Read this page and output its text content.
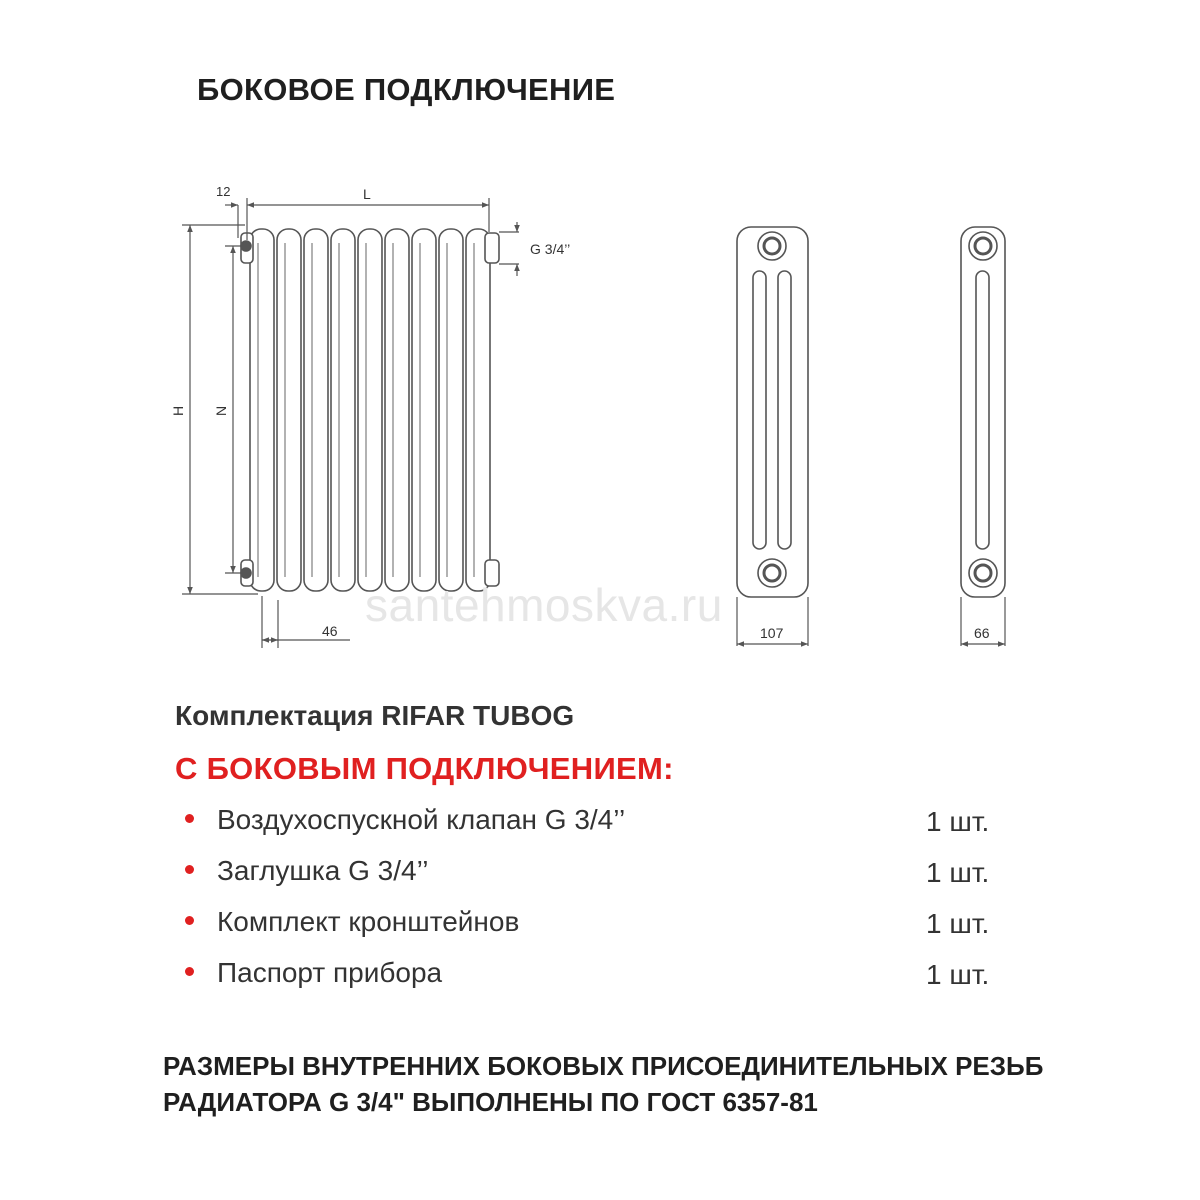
БОКОВОЕ ПОДКЛЮЧЕНИЕ
12	L
G 3/4’’
H N
46	107	66
santehmoskva.ru
Комплектация RIFAR TUBOG
С БОКОВЫМ ПОДКЛЮЧЕНИЕМ:
Воздухоспускной клапан G 3/4’’	1 шт.
Заглушка G 3/4’’	1 шт.
Комплект кронштейнов	1 шт.
Паспорт прибора	1 шт.
РАЗМЕРЫ ВНУТРЕННИХ БОКОВЫХ ПРИСОЕДИНИТЕЛЬНЫХ РЕЗЬБ
РАДИАТОРА G 3/4" ВЫПОЛНЕНЫ ПО ГОСТ 6357-81
